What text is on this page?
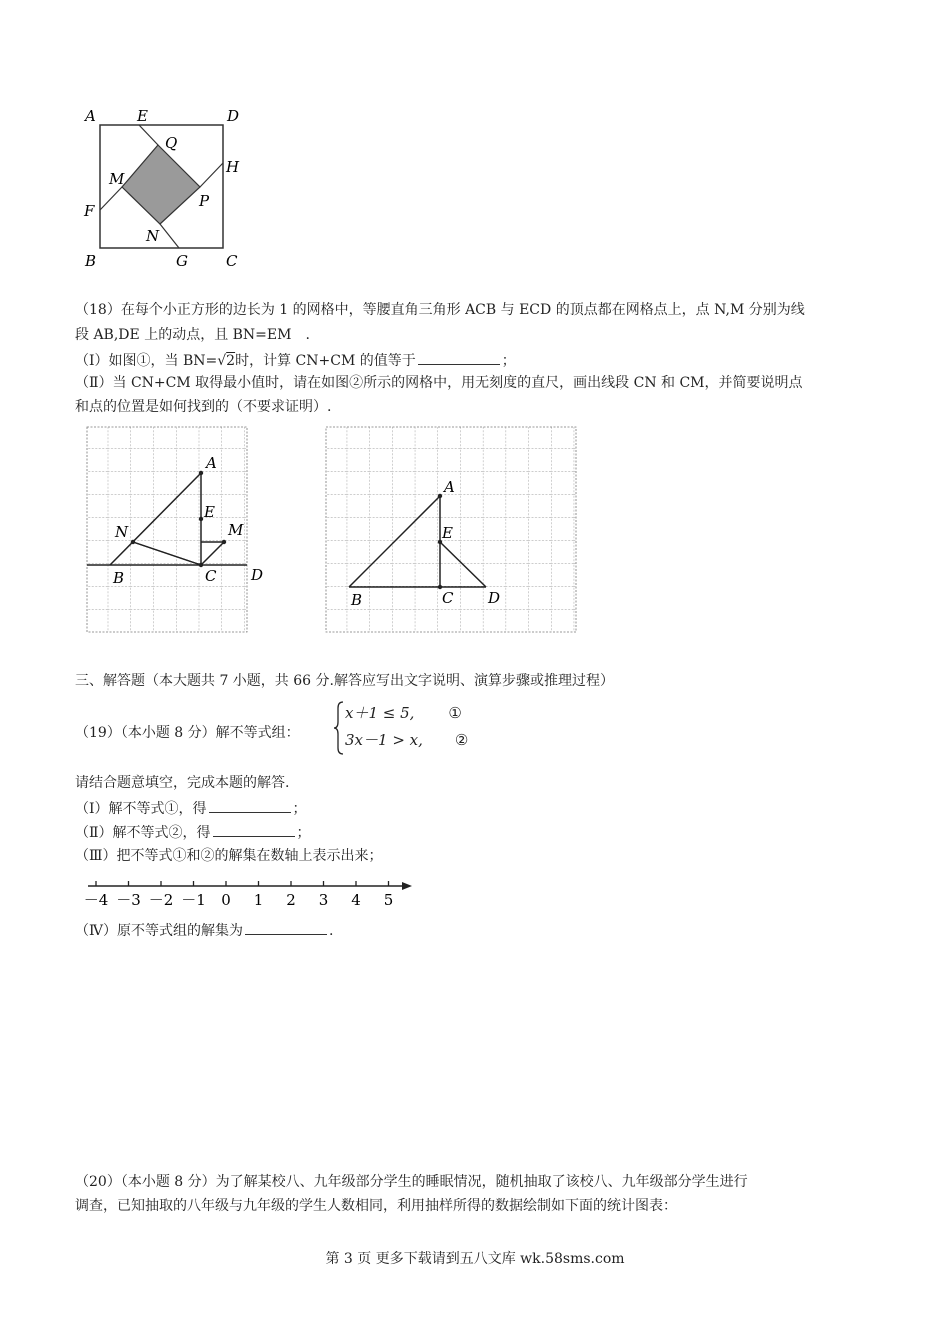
A	E	D
Q
H
M
F
P
N
B	G	C
（18）在每个小正方形的边长为 1 的网格中，等腰直角三角形 ACB 与 ECD 的顶点都在网格点上，点 N,M 分别为线
段 AB,DE 上的动点，且 BN=EM　.
（Ⅰ）如图①，当 BN=√2时，计算 CN+CM 的值等于	；
（Ⅱ）当 CN+CM 取得最小值时，请在如图②所示的网格中，用无刻度的直尺，画出线段 CN 和 CM，并简要说明点
和点的位置是如何找到的（不要求证明）.
A
E
N	M
B	C D
A
E
B	C D
三、解答题（本大题共 7 小题，共 66 分.解答应写出文字说明、演算步骤或推理过程）
（19）（本小题 8 分）解不等式组：
x＋1 ≤ 5, ①
3x－1 > x, ②
请结合题意填空，完成本题的解答.
（Ⅰ）解不等式①，得	；
（Ⅱ）解不等式②，得	；
（Ⅲ）把不等式①和②的解集在数轴上表示出来；
－4 －3 －2 －1 0 1 2 3 4 5
（Ⅳ）原不等式组的解集为	.
（20）（本小题 8 分）为了解某校八、九年级部分学生的睡眠情况，随机抽取了该校八、九年级部分学生进行
调查，已知抽取的八年级与九年级的学生人数相同，利用抽样所得的数据绘制如下面的统计图表：
第 3 页 更多下载请到五八文库 wk.58sms.com
